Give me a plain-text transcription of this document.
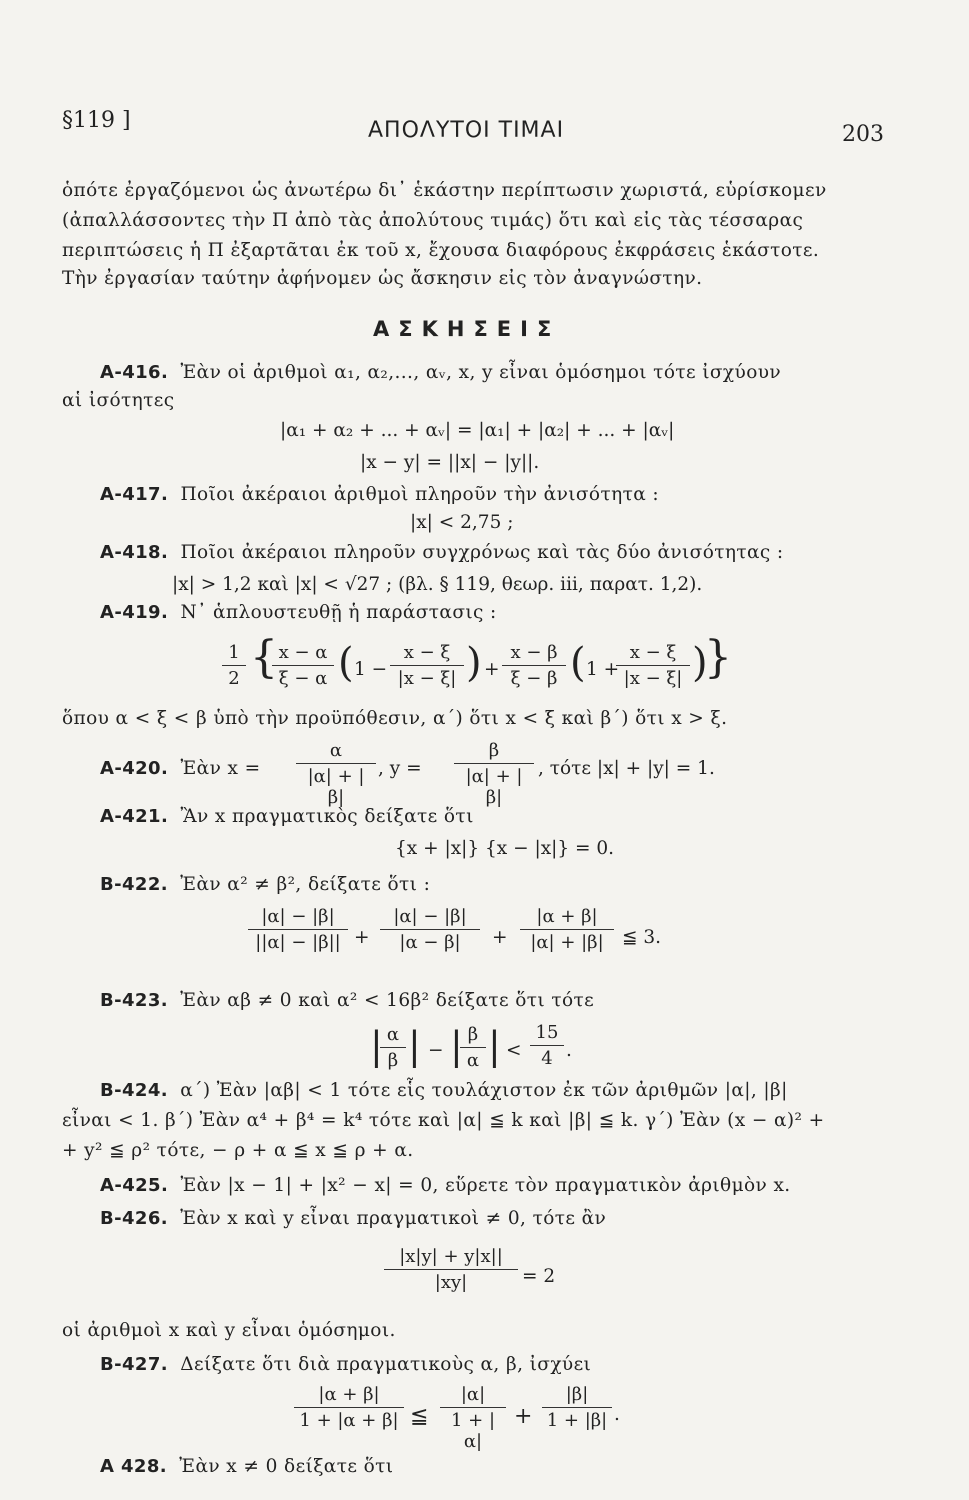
§119 ]	ΑΠΟΛΥΤΟΙ ΤΙΜΑΙ	203
ὁπότε ἐργαζόμενοι ὡς ἀνωτέρω δι᾽ ἑκάστην περίπτωσιν χωριστά, εὑρίσκομεν
(ἀπαλλάσσοντες τὴν Π ἀπὸ τὰς ἀπολύτους τιμάς) ὅτι καὶ εἰς τὰς τέσσαρας
περιπτώσεις ἡ Π ἐξαρτᾶται ἐκ τοῦ x, ἔχουσα διαφόρους ἐκφράσεις ἑκάστοτε.
Τὴν ἐργασίαν ταύτην ἀφήνομεν ὡς ἄσκησιν εἰς τὸν ἀναγνώστην.
ΑΣΚΗΣΕΙΣ
Α-416. Ἐὰν οἱ ἀριθμοὶ α₁, α₂,..., αᵥ, x, y εἶναι ὁμόσημοι τότε ἰσχύουν
αἱ ἰσότητες
|α₁ + α₂ + ... + αᵥ| = |α₁| + |α₂| + ... + |αᵥ|
|x − y| = ||x| − |y||.
Α-417. Ποῖοι ἀκέραιοι ἀριθμοὶ πληροῦν τὴν ἀνισότητα :
|x| < 2,75 ;
Α-418. Ποῖοι ἀκέραιοι πληροῦν συγχρόνως καὶ τὰς δύο ἀνισότητας :
|x| > 1,2 καὶ |x| < √27 ; (βλ. § 119, θεωρ. iii, παρατ. 1,2).
Α-419. Ν᾽ ἁπλουστευθῇ ἡ παράστασις :
1
2 { x − α
ξ − α ( 1 −
x − ξ
|x − ξ| ) +
x − β
ξ − β ( 1 +
x − ξ
|x − ξ| )
}
ὅπου α < ξ < β ὑπὸ τὴν προϋπόθεσιν, α΄) ὅτι x < ξ καὶ β΄) ὅτι x > ξ.
Α-420. Ἐὰν x =
α
|α| + |β|
, y =
β
|α| + |β|
, τότε |x| + |y| = 1.
Α-421. Ἂν x πραγματικὸς δείξατε ὅτι
{x + |x|} {x − |x|} = 0.
Β-422. Ἐὰν α² ≠ β², δείξατε ὅτι :
|α| − |β|
||α| − |β|| +
|α| − |β|
|α − β|	+
|α + β|
|α| + |β| ≦ 3.
Β-423. Ἐὰν αβ ≠ 0 καὶ α² < 16β² δείξατε ὅτι τότε
| α
β | − | β
α | <
15
4 .
Β-424. α΄) Ἐὰν |αβ| < 1 τότε εἷς τουλάχιστον ἐκ τῶν ἀριθμῶν |α|, |β|
εἶναι < 1. β΄) Ἐὰν α⁴ + β⁴ = k⁴ τότε καὶ |α| ≦ k καὶ |β| ≦ k. γ΄) Ἐὰν (x − α)² +
+ y² ≦ ρ² τότε, − ρ + α ≦ x ≦ ρ + α.
Α-425. Ἐὰν |x − 1| + |x² − x| = 0, εὕρετε τὸν πραγματικὸν ἀριθμὸν x.
Β-426. Ἐὰν x καὶ y εἶναι πραγματικοὶ ≠ 0, τότε ἂν
|x|y| + y|x||
|xy|	= 2
οἱ ἀριθμοὶ x καὶ y εἶναι ὁμόσημοι.
Β-427. Δείξατε ὅτι διὰ πραγματικοὺς α, β, ἰσχύει
|α + β|
1 + |α + β| ≦
|α|
1 + |α|
+
|β|
1 + |β| .
Α 428. Ἐὰν x ≠ 0 δείξατε ὅτι
